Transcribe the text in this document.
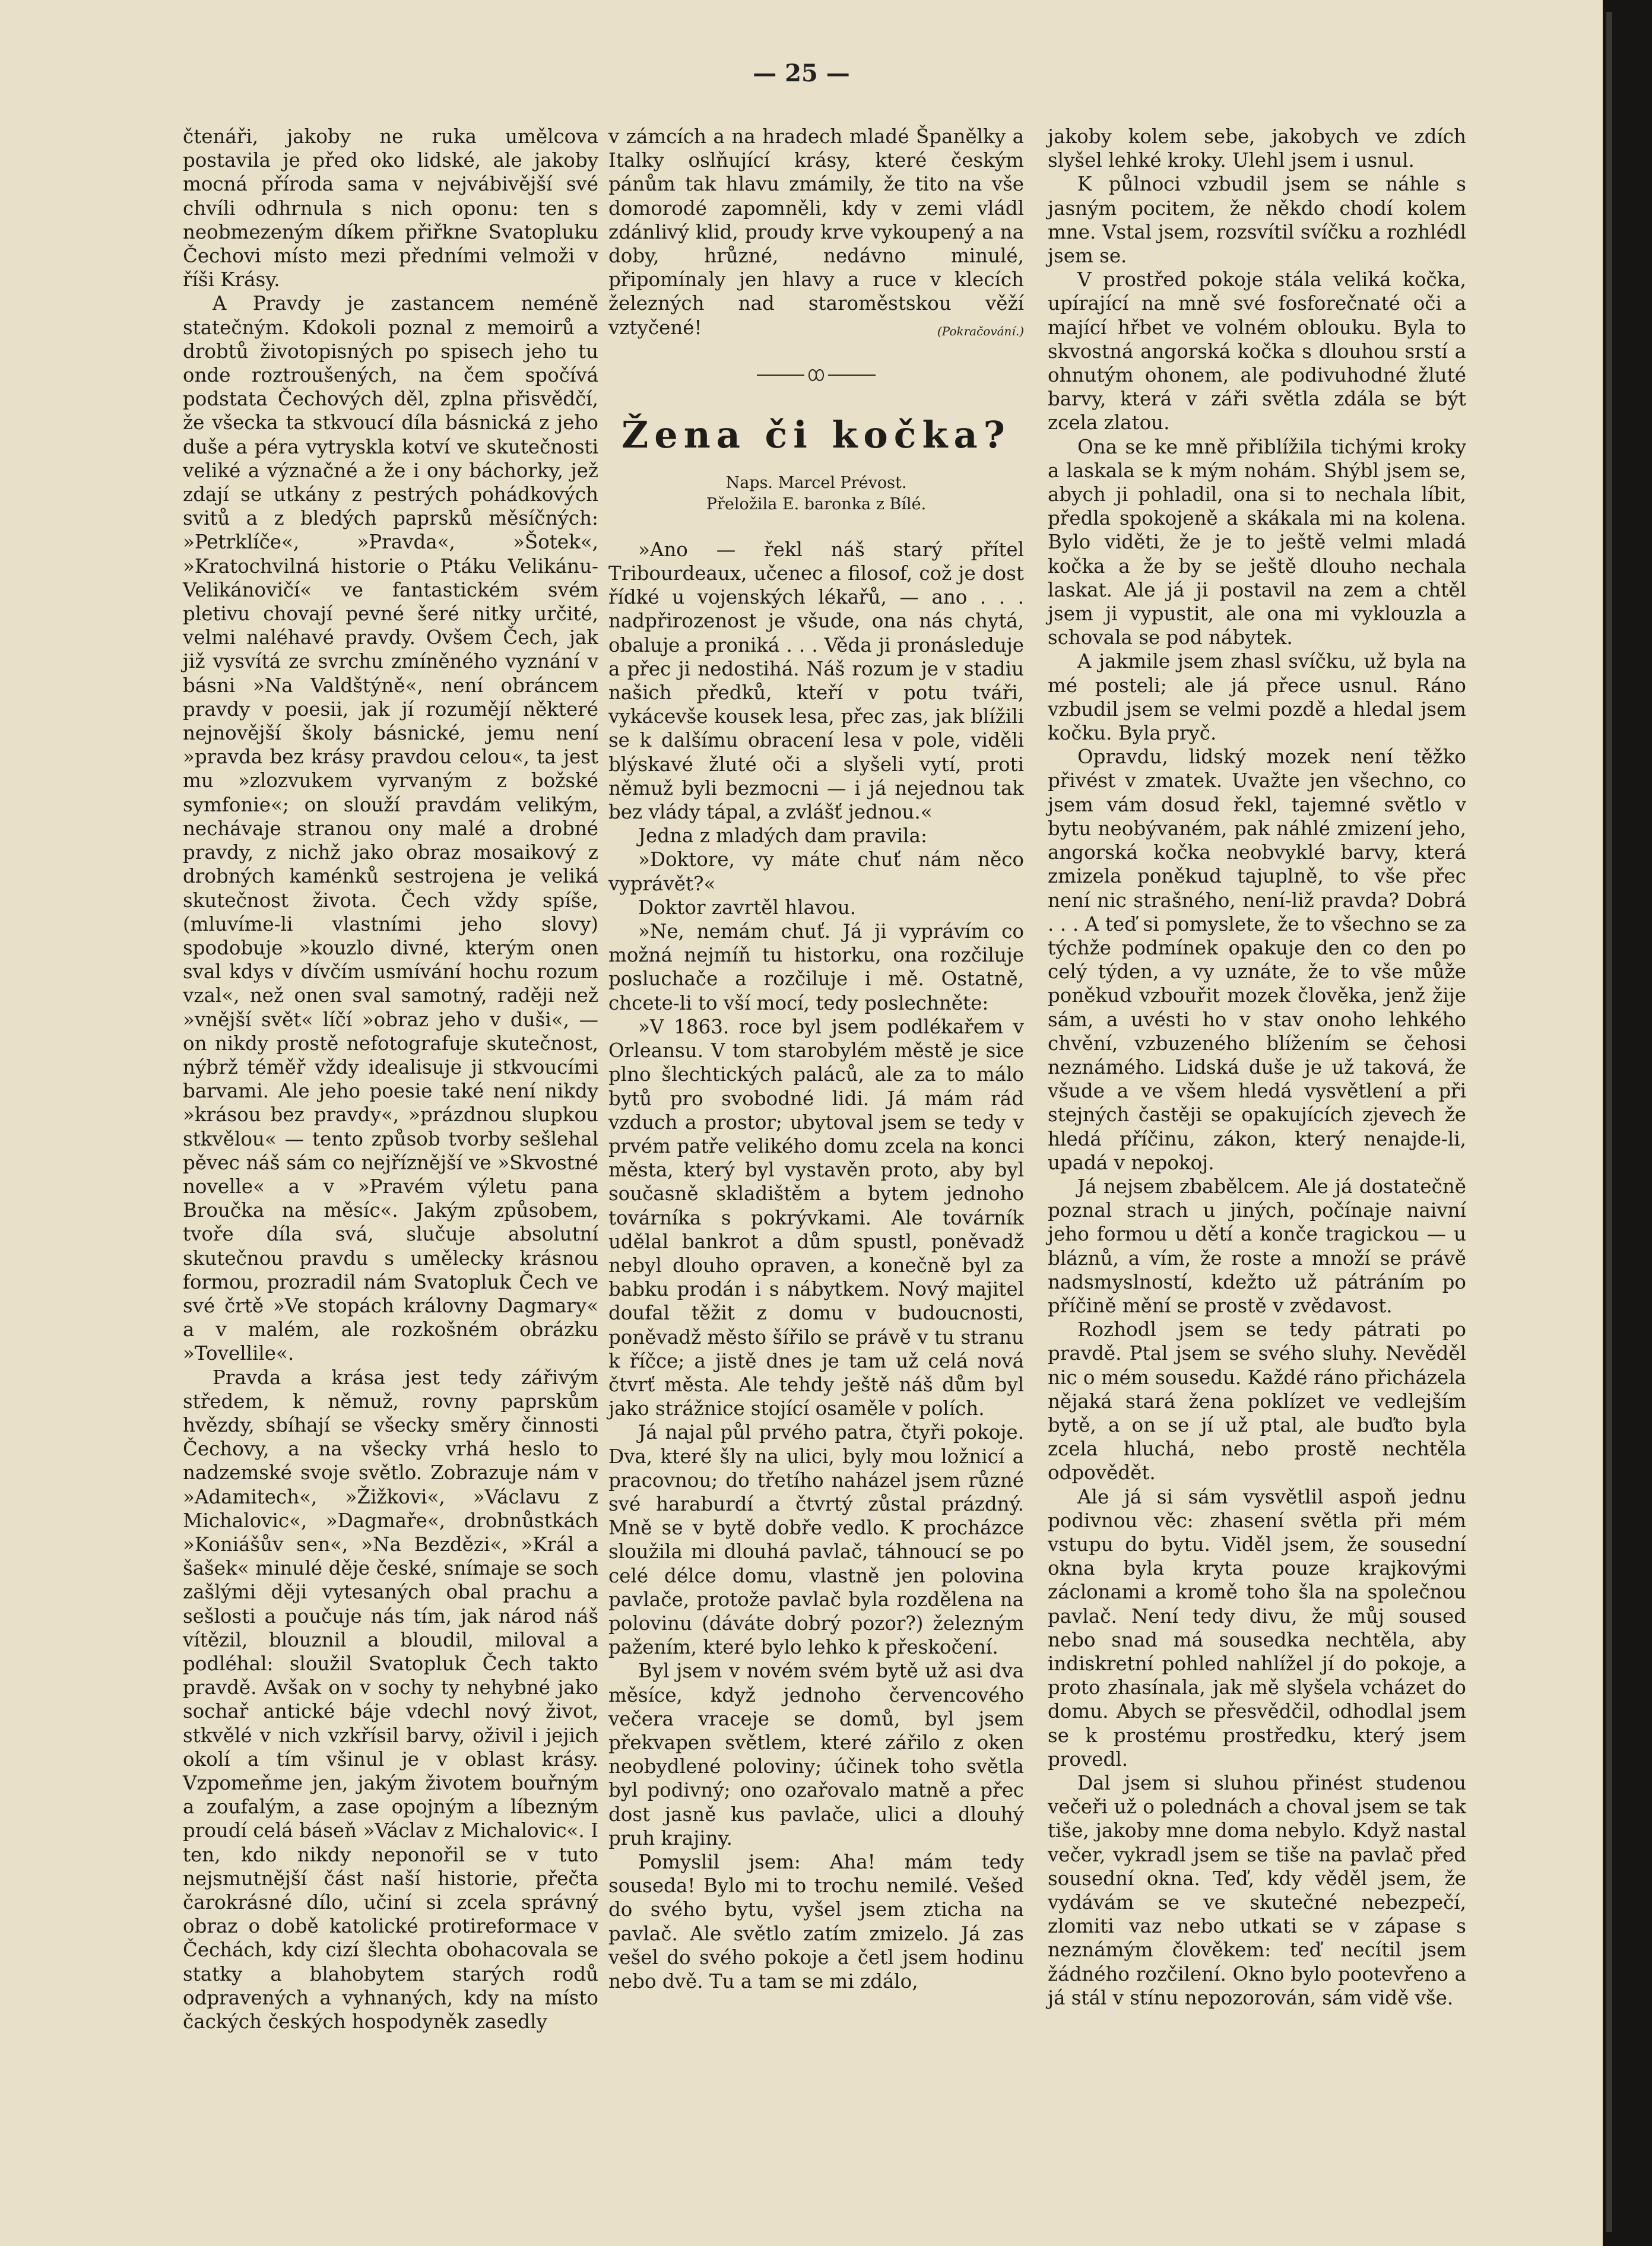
— 25 —

čtenáři, jakoby ne ruka umělcova postavila je před oko lidské, ale jakoby mocná příroda sama v nejvábivější své chvíli odhrnula s nich oponu: ten s neobmezeným díkem přiřkne Svatopluku Čechovi místo mezi předními velmoži v říši Krásy.

A Pravdy je zastancem neméně statečným. Kdokoli poznal z memoirů a drobtů životopisných po spisech jeho tu onde roztroušených, na čem spočívá podstata Čechových děl, zplna přisvědčí, že všecka ta stkvoucí díla básnická z jeho duše a péra vytryskla kotví ve skutečnosti veliké a význačné a že i ony báchorky, jež zdají se utkány z pestrých pohádkových svitů a z bledých paprsků měsíčných: »Petrklíče«, »Pravda«, »Šotek«, »Kratochvilná historie o Ptáku Velikánu-Velikánovičí« ve fantastickém svém pletivu chovají pevné šeré nitky určité, velmi naléhavé pravdy. Ovšem Čech, jak již vysvítá ze svrchu zmíněného vyznání v básni »Na Valdštýně«, není obráncem pravdy v poesii, jak jí rozumějí některé nejnovější školy básnické, jemu není »pravda bez krásy pravdou celou«, ta jest mu »zlozvukem vyrvaným z božské symfonie«; on slouží pravdám velikým, nechávaje stranou ony malé a drobné pravdy, z nichž jako obraz mosaikový z drobných kaménků sestrojena je veliká skutečnost života. Čech vždy spíše, (mluvíme-li vlastními jeho slovy) spodobuje »kouzlo divné, kterým onen sval kdys v dívčím usmívání hochu rozum vzal«, než onen sval samotný, raději než »vnější svět« líčí »obraz jeho v duši«, — on nikdy prostě nefotografuje skutečnost, nýbrž téměř vždy idealisuje ji stkvoucími barvami. Ale jeho poesie také není nikdy »krásou bez pravdy«, »prázdnou slupkou stkvělou« — tento způsob tvorby sešlehal pěvec náš sám co nejříznější ve »Skvostné novelle« a v »Pravém výletu pana Broučka na měsíc«. Jakým způsobem, tvoře díla svá, slučuje absolutní skutečnou pravdu s umělecky krásnou formou, prozradil nám Svatopluk Čech ve své črtě »Ve stopách královny Dagmary« a v malém, ale rozkošném obrázku »Tovellile«.

Pravda a krása jest tedy zářivým středem, k němuž, rovny paprskům hvězdy, sbíhají se všecky směry činnosti Čechovy, a na všecky vrhá heslo to nadzemské svoje světlo. Zobrazuje nám v »Adamitech«, »Žižkovi«, »Václavu z Michalovic«, »Dagmaře«, drobnůstkách »Koniášův sen«, »Na Bezdězi«, »Král a šašek« minulé děje české, snímaje se soch zašlými ději vytesaných obal prachu a sešlosti a poučuje nás tím, jak národ náš vítězil, blouznil a bloudil, miloval a podléhal: sloužil Svatopluk Čech takto pravdě. Avšak on v sochy ty nehybné jako sochař antické báje vdechl nový život, stkvělé v nich vzkřísil barvy, oživil i jejich okolí a tím všinul je v oblast krásy. Vzpomeňme jen, jakým životem bouřným a zoufalým, a zase opojným a líbezným proudí celá báseň »Václav z Michalovic«. I ten, kdo nikdy neponořil se v tuto nejsmutnější část naší historie, přečta čarokrásné dílo, učiní si zcela správný obraz o době katolické protireformace v Čechách, kdy cizí šlechta obohacovala se statky a blahobytem starých rodů odpravených a vyhnaných, kdy na místo čackých českých hospodyněk zasedly

v zámcích a na hradech mladé Španělky a Italky oslňující krásy, které českým pánům tak hlavu zmámily, že tito na vše domorodé zapomněli, kdy v zemi vládl zdánlivý klid, proudy krve vykoupený a na doby, hrůzné, nedávno minulé, připomínaly jen hlavy a ruce v klecích železných nad staroměstskou věží vztyčené!	(Pokračování.)

Žena či kočka?
Naps. Marcel Prévost.
Přeložila E. baronka z Bílé.

»Ano — řekl náš starý přítel Tribourdeaux, učenec a filosof, což je dost řídké u vojenských lékařů, — ano . . . nadpřirozenost je všude, ona nás chytá, obaluje a proniká . . . Věda ji pronásleduje a přec ji nedostihá. Náš rozum je v stadiu našich předků, kteří v potu tváři, vykácevše kousek lesa, přec zas, jak blížili se k dalšímu obracení lesa v pole, viděli blýskavé žluté oči a slyšeli vytí, proti němuž byli bezmocni — i já nejednou tak bez vlády tápal, a zvlášť jednou.«

Jedna z mladých dam pravila:

»Doktore, vy máte chuť nám něco vyprávět?«

Doktor zavrtěl hlavou.

»Ne, nemám chuť. Já ji vyprávím co možná nejmíň tu historku, ona rozčiluje posluchače a rozčiluje i mě. Ostatně, chcete-li to vší mocí, tedy poslechněte:

»V 1863. roce byl jsem podlékařem v Orleansu. V tom starobylém městě je sice plno šlechtických paláců, ale za to málo bytů pro svobodné lidi. Já mám rád vzduch a prostor; ubytoval jsem se tedy v prvém patře velikého domu zcela na konci města, který byl vystavěn proto, aby byl současně skladištěm a bytem jednoho továrníka s pokrývkami. Ale továrník udělal bankrot a dům spustl, poněvadž nebyl dlouho opraven, a konečně byl za babku prodán i s nábytkem. Nový majitel doufal těžit z domu v budoucnosti, poněvadž město šířilo se právě v tu stranu k říčce; a jistě dnes je tam už celá nová čtvrť města. Ale tehdy ještě náš dům byl jako strážnice stojící osaměle v polích.

Já najal půl prvého patra, čtyři pokoje. Dva, které šly na ulici, byly mou ložnicí a pracovnou; do třetího naházel jsem různé své haraburdí a čtvrtý zůstal prázdný. Mně se v bytě dobře vedlo. K procházce sloužila mi dlouhá pavlač, táhnoucí se po celé délce domu, vlastně jen polovina pavlače, protože pavlač byla rozdělena na polovinu (dáváte dobrý pozor?) železným pažením, které bylo lehko k přeskočení.

Byl jsem v novém svém bytě už asi dva měsíce, když jednoho červencového večera vraceje se domů, byl jsem překvapen světlem, které zářilo z oken neobydlené poloviny; účinek toho světla byl podivný; ono ozařovalo matně a přec dost jasně kus pavlače, ulici a dlouhý pruh krajiny.

Pomyslil jsem: Aha! mám tedy souseda! Bylo mi to trochu nemilé. Vešed do svého bytu, vyšel jsem zticha na pavlač. Ale světlo zatím zmizelo. Já zas vešel do svého pokoje a četl jsem hodinu nebo dvě. Tu a tam se mi zdálo,

jakoby kolem sebe, jakobych ve zdích slyšel lehké kroky. Ulehl jsem i usnul.

K půlnoci vzbudil jsem se náhle s jasným pocitem, že někdo chodí kolem mne. Vstal jsem, rozsvítil svíčku a rozhlédl jsem se.

V prostřed pokoje stála veliká kočka, upírající na mně své fosforečnaté oči a mající hřbet ve volném oblouku. Byla to skvostná angorská kočka s dlouhou srstí a ohnutým ohonem, ale podivuhodné žluté barvy, která v záři světla zdála se být zcela zlatou.

Ona se ke mně přiblížila tichými kroky a laskala se k mým nohám. Shýbl jsem se, abych ji pohladil, ona si to nechala líbit, předla spokojeně a skákala mi na kolena. Bylo viděti, že je to ještě velmi mladá kočka a že by se ještě dlouho nechala laskat. Ale já ji postavil na zem a chtěl jsem ji vypustit, ale ona mi vyklouzla a schovala se pod nábytek.

A jakmile jsem zhasl svíčku, už byla na mé posteli; ale já přece usnul. Ráno vzbudil jsem se velmi pozdě a hledal jsem kočku. Byla pryč.

Opravdu, lidský mozek není těžko přivést v zmatek. Uvažte jen všechno, co jsem vám dosud řekl, tajemné světlo v bytu neobývaném, pak náhlé zmizení jeho, angorská kočka neobvyklé barvy, která zmizela poněkud tajuplně, to vše přec není nic strašného, není-liž pravda? Dobrá . . . A teď si pomyslete, že to všechno se za týchže podmínek opakuje den co den po celý týden, a vy uznáte, že to vše může poněkud vzbouřit mozek člověka, jenž žije sám, a uvésti ho v stav onoho lehkého chvění, vzbuzeného blížením se čehosi neznámého. Lidská duše je už taková, že všude a ve všem hledá vysvětlení a při stejných častěji se opakujících zjevech že hledá příčinu, zákon, který nenajde-li, upadá v nepokoj.

Já nejsem zbabělcem. Ale já dostatečně poznal strach u jiných, počínaje naivní jeho formou u dětí a konče tragickou — u bláznů, a vím, že roste a množí se právě nadsmyslností, kdežto už pátráním po příčině mění se prostě v zvědavost.

Rozhodl jsem se tedy pátrati po pravdě. Ptal jsem se svého sluhy. Nevěděl nic o mém sousedu. Každé ráno přicházela nějaká stará žena poklízet ve vedlejším bytě, a on se jí už ptal, ale buďto byla zcela hluchá, nebo prostě nechtěla odpovědět.

Ale já si sám vysvětlil aspoň jednu podivnou věc: zhasení světla při mém vstupu do bytu. Viděl jsem, že sousední okna byla kryta pouze krajkovými záclonami a kromě toho šla na společnou pavlač. Není tedy divu, že můj soused nebo snad má sousedka nechtěla, aby indiskretní pohled nahlížel jí do pokoje, a proto zhasínala, jak mě slyšela vcházet do domu. Abych se přesvědčil, odhodlal jsem se k prostému prostředku, který jsem provedl.

Dal jsem si sluhou přinést studenou večeři už o polednách a choval jsem se tak tiše, jakoby mne doma nebylo. Když nastal večer, vykradl jsem se tiše na pavlač před sousední okna. Teď, kdy věděl jsem, že vydávám se ve skutečné nebezpečí, zlomiti vaz nebo utkati se v zápase s neznámým člověkem: teď necítil jsem žádného rozčilení. Okno bylo pootevřeno a já stál v stínu nepozorován, sám vidě vše.
